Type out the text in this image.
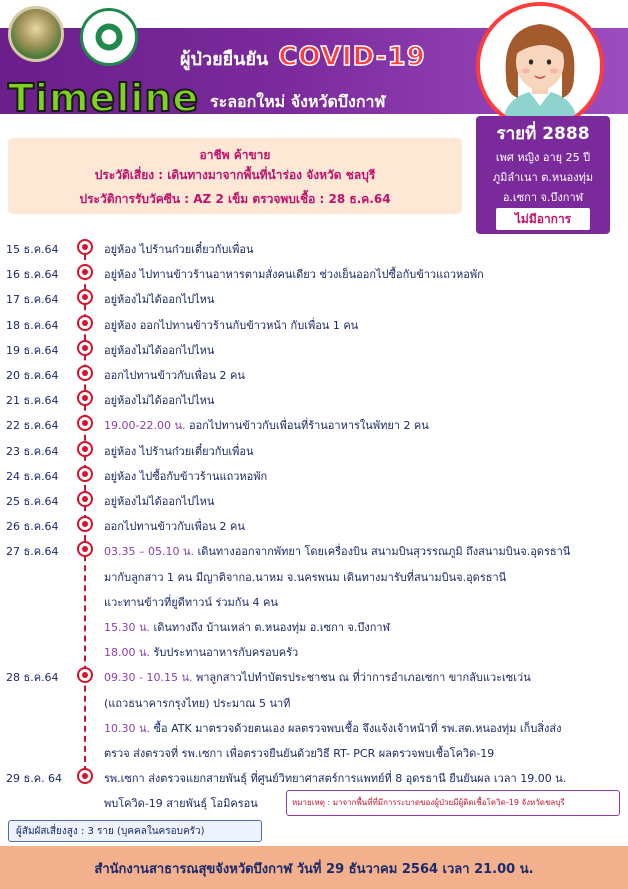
ผู้ป่วยยืนยัน COVID-19
Timeline ระลอกใหม่ จังหวัดบึงกาฬ
รายที่ 2888
เพศ หญิง อายุ 25 ปี
ภูมิลำเนา ต.หนองทุ่ม
อ.เซกา จ.บึงกาฬ
ไม่มีอาการ
อาชีพ ค้าขาย
ประวัติเสี่ยง : เดินทางมาจากพื้นที่นำร่อง จังหวัด ชลบุรี
ประวัติการรับวัคซีน : AZ 2 เข็ม ตรวจพบเชื้อ : 28 ธ.ค.64
15 ธ.ค.64	อยู่ห้อง ไปร้านก๋วยเตี๋ยวกับเพื่อน
16 ธ.ค.64	อยู่ห้อง ไปทานข้าวร้านอาหารตามสั่งคนเดียว ช่วงเย็นออกไปซื้อกับข้าวแถวหอพัก
17 ธ.ค.64	อยู่ห้องไม่ได้ออกไปไหน
18 ธ.ค.64	อยู่ห้อง ออกไปทานข้าวร้านกับข้าวหน้า กับเพื่อน 1 คน
19 ธ.ค.64	อยู่ห้องไม่ได้ออกไปไหน
20 ธ.ค.64	ออกไปทานข้าวกับเพื่อน 2 คน
21 ธ.ค.64	อยู่ห้องไม่ได้ออกไปไหน
22 ธ.ค.64	19.00-22.00 น. ออกไปทานข้าวกับเพื่อนที่ร้านอาหารในพัทยา 2 คน
23 ธ.ค.64	อยู่ห้อง ไปร้านก๋วยเตี๋ยวกับเพื่อน
24 ธ.ค.64	อยู่ห้อง ไปซื้อกับข้าวร้านแถวหอพัก
25 ธ.ค.64	อยู่ห้องไม่ได้ออกไปไหน
26 ธ.ค.64	ออกไปทานข้าวกับเพื่อน 2 คน
27 ธ.ค.64	03.35 – 05.10 น. เดินทางออกจากพัทยา โดยเครื่องบิน สนามบินสุวรรณภูมิ ถึงสนามบินจ.อุดรธานี
มากับลูกสาว 1 คน มีญาติจากอ.นาหม จ.นครพนม เดินทางมารับที่สนามบินจ.อุดรธานี
แวะทานข้าวที่ยูดีทาวน์ ร่วมกัน 4 คน
15.30 น. เดินทางถึง บ้านเหล่า ต.หนองทุ่ม อ.เซกา จ.บึงกาฬ
18.00 น. รับประทานอาหารกับครอบครัว
28 ธ.ค.64	09.30 - 10.15 น. พาลูกสาวไปทำบัตรประชาชน ณ ที่ว่าการอำเภอเซกา ขากลับแวะเซเว่น
(แถวธนาคารกรุงไทย) ประมาณ 5 นาที
10.30 น. ซื้อ ATK มาตรวจด้วยตนเอง ผลตรวจพบเชื้อ จึงแจ้งเจ้าหน้าที่ รพ.สต.หนองทุ่ม เก็บสิ่งส่ง
ตรวจ ส่งตรวจที่ รพ.เซกา เพื่อตรวจยืนยันด้วยวิธี RT- PCR ผลตรวจพบเชื้อโควิด-19
29 ธ.ค. 64	รพ.เซกา ส่งตรวจแยกสายพันธุ์ ที่ศูนย์วิทยาศาสตร์การแพทย์ที่ 8 อุดรธานี ยืนยันผล เวลา 19.00 น.
พบโควิด-19 สายพันธุ์ โอมิครอน	หมายเหตุ : มาจากพื้นที่ที่มีการระบาดของผู้ป่วยมีผู้ติดเชื้อโควิด-19 จังหวัดชลบุรี
ผู้สัมผัสเสี่ยงสูง : 3 ราย (บุคคลในครอบครัว)
สำนักงานสาธารณสุขจังหวัดบึงกาฬ วันที่ 29 ธันวาคม 2564 เวลา 21.00 น.
